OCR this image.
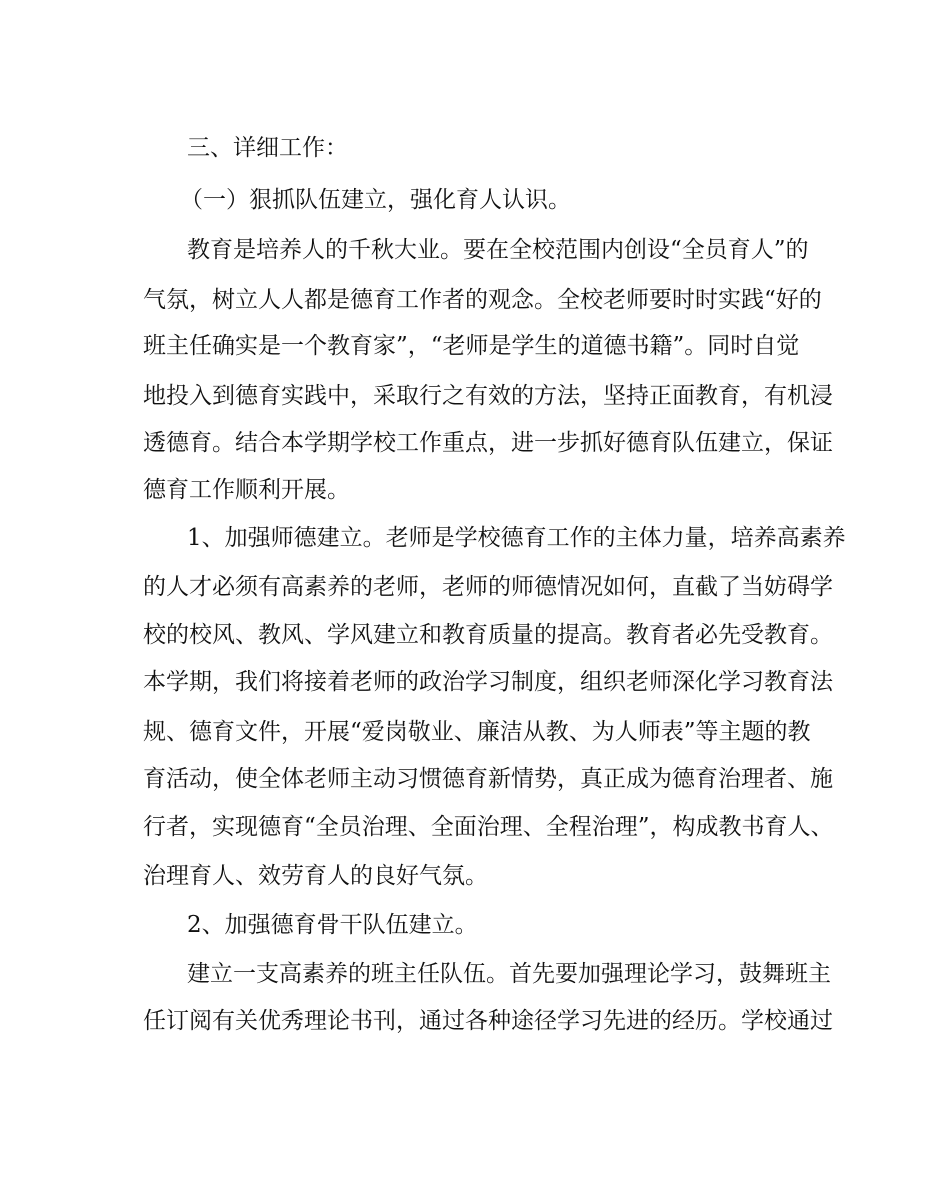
三、详细工作：

（一）狠抓队伍建立，强化育人认识。

教育是培养人的千秋大业。要在全校范围内创设“全员育人”的

气氛，树立人人都是德育工作者的观念。全校老师要时时实践“好的

班主任确实是一个教育家”，“老师是学生的道德书籍”。同时自觉

地投入到德育实践中，采取行之有效的方法，坚持正面教育，有机浸

透德育。结合本学期学校工作重点，进一步抓好德育队伍建立，保证

德育工作顺利开展。

1、加强师德建立。老师是学校德育工作的主体力量，培养高素养

的人才必须有高素养的老师，老师的师德情况如何，直截了当妨碍学

校的校风、教风、学风建立和教育质量的提高。教育者必先受教育。

本学期，我们将接着老师的政治学习制度，组织老师深化学习教育法

规、德育文件，开展“爱岗敬业、廉洁从教、为人师表”等主题的教

育活动，使全体老师主动习惯德育新情势，真正成为德育治理者、施

行者，实现德育“全员治理、全面治理、全程治理”，构成教书育人、

治理育人、效劳育人的良好气氛。

2、加强德育骨干队伍建立。

建立一支高素养的班主任队伍。首先要加强理论学习，鼓舞班主

任订阅有关优秀理论书刊，通过各种途径学习先进的经历。学校通过
